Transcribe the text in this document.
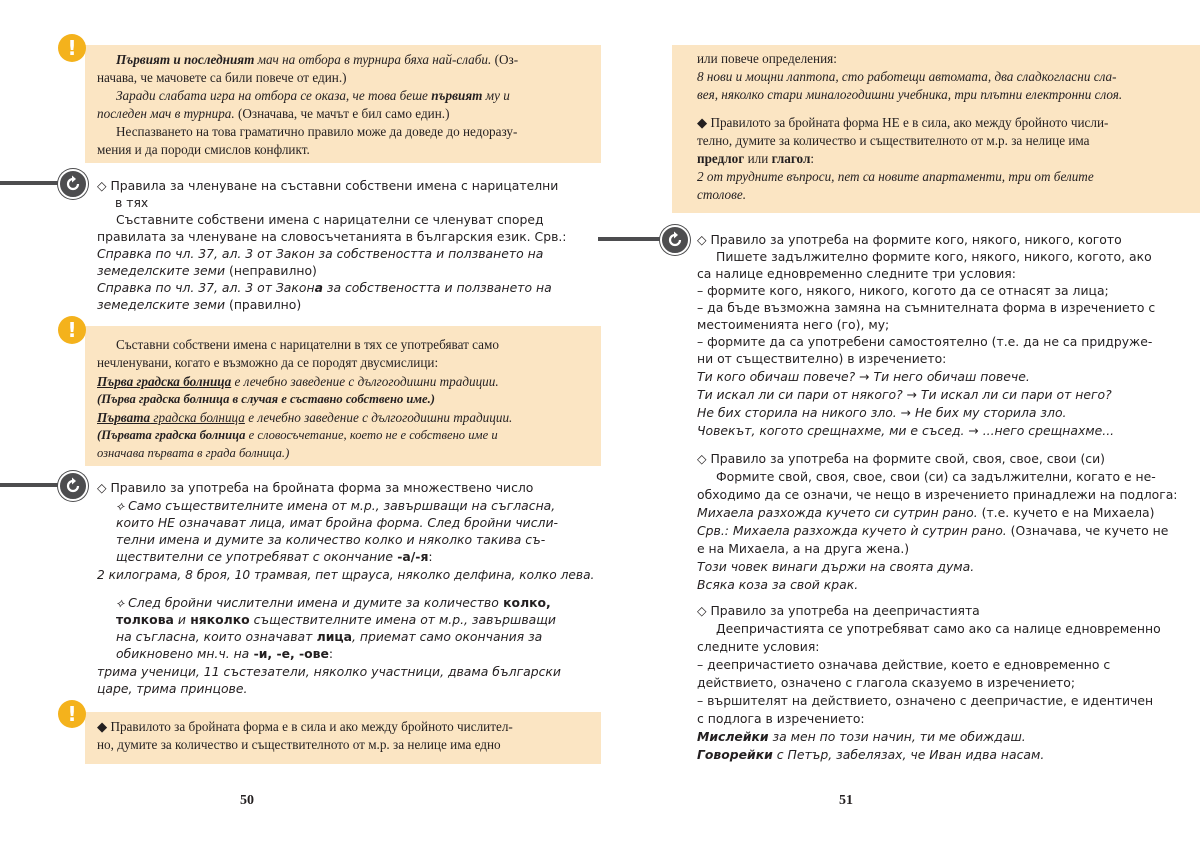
!	Първият и последният мач на отбора в турнира бяха най-слаби. (Оз-
начава, че мачовете са били повече от един.)
Заради слабата игра на отбора се оказа, че това беше първият му и
последен мач в турнира. (Означава, че мачът е бил само един.)
Неспазването на това граматично правило може да доведе до недоразу-
мения и да породи смислов конфликт.
◇ Правила за членуване на съставни собствени имена с нарицателни
в тях
Съставните собствени имена с нарицателни се членуват според
правилата за членуване на словосъчетанията в българския език. Срв.:
Справка по чл. 37, ал. 3 от Закон за собствеността и ползването на
земеделските земи (неправилно)
Справка по чл. 37, ал. 3 от Закона за собствеността и ползването на
земеделските земи (правилно)
!
Съставни собствени имена с нарицателни в тях се употребяват само
нечленувани, когато е възможно да се породят двусмислици:
Първа градска болница е лечебно заведение с дългогодишни традиции.
(Първа градска болница в случая е съставно собствено име.)
Първата градска болница е лечебно заведение с дългогодишни традиции.
(Първата градска болница е словосъчетание, което не е собствено име и
означава първата в града болница.)
◇ Правило за употреба на бройната форма за множествено число
⟡ Само съществителните имена от м.р., завършващи на съгласна,
които НЕ означават лица, имат бройна форма. След бройни числи-
телни имена и думите за количество колко и няколко такива съ-
ществителни се употребяват с окончание -а/-я:
2 килограма, 8 броя, 10 трамвая, пет щрауса, няколко делфина, колко лева.
⟡ След бройни числителни имена и думите за количество колко,
толкова и няколко съществителните имена от м.р., завършващи
на съгласна, които означават лица, приемат само окончания за
обикновено мн.ч. на -и, -е, -ове:
трима ученици, 11 състезатели, няколко участници, двама български
царе, трима принцове.
!
◆ Правилото за бройната форма е в сила и ако между бройното числител-
но, думите за количество и съществителното от м.р. за нелице има едно
50
или повече определения:
8 нови и мощни лаптопа, сто работещи автомата, два сладкогласни сла-
вея, няколко стари миналогодишни учебника, три плътни електронни слоя.
◆ Правилото за бройната форма НЕ е в сила, ако между бройното числи-
телно, думите за количество и съществителното от м.р. за нелице има
предлог или глагол:
2 от трудните въпроси, пет са новите апартаменти, три от белите
столове.
◇ Правило за употреба на формите кого, някого, никого, когото
Пишете задължително формите кого, някого, никого, когото, ако
са налице едновременно следните три условия:
– формите кого, някого, никого, когото да се отнасят за лица;
– да бъде възможна замяна на съмнителната форма в изречението с
местоименията него (го), му;
– формите да са употребени самостоятелно (т.е. да не са придруже-
ни от съществително) в изречението:
Ти кого обичаш повече? → Ти него обичаш повече.
Ти искал ли си пари от някого? → Ти искал ли си пари от него?
Не бих сторила на никого зло. → Не бих му сторила зло.
Човекът, когото срещнахме, ми е съсед. → ...него срещнахме...
◇ Правило за употреба на формите свой, своя, свое, свои (си)
Формите свой, своя, свое, свои (си) са задължителни, когато е не-
обходимо да се означи, че нещо в изречението принадлежи на подлога:
Михаела разхожда кучето си сутрин рано. (т.е. кучето е на Михаела)
Срв.: Михаела разхожда кучето ѝ сутрин рано. (Означава, че кучето не
е на Михаела, а на друга жена.)
Този човек винаги държи на своята дума.
Всяка коза за свой крак.
◇ Правило за употреба на деепричастията
Деепричастията се употребяват само ако са налице едновременно
следните условия:
– деепричастието означава действие, което е едновременно с
действието, означено с глагола сказуемо в изречението;
– вършителят на действието, означено с деепричастие, е идентичен
с подлога в изречението:
Мислейки за мен по този начин, ти ме обиждаш.
Говорейки с Петър, забелязах, че Иван идва насам.
51
